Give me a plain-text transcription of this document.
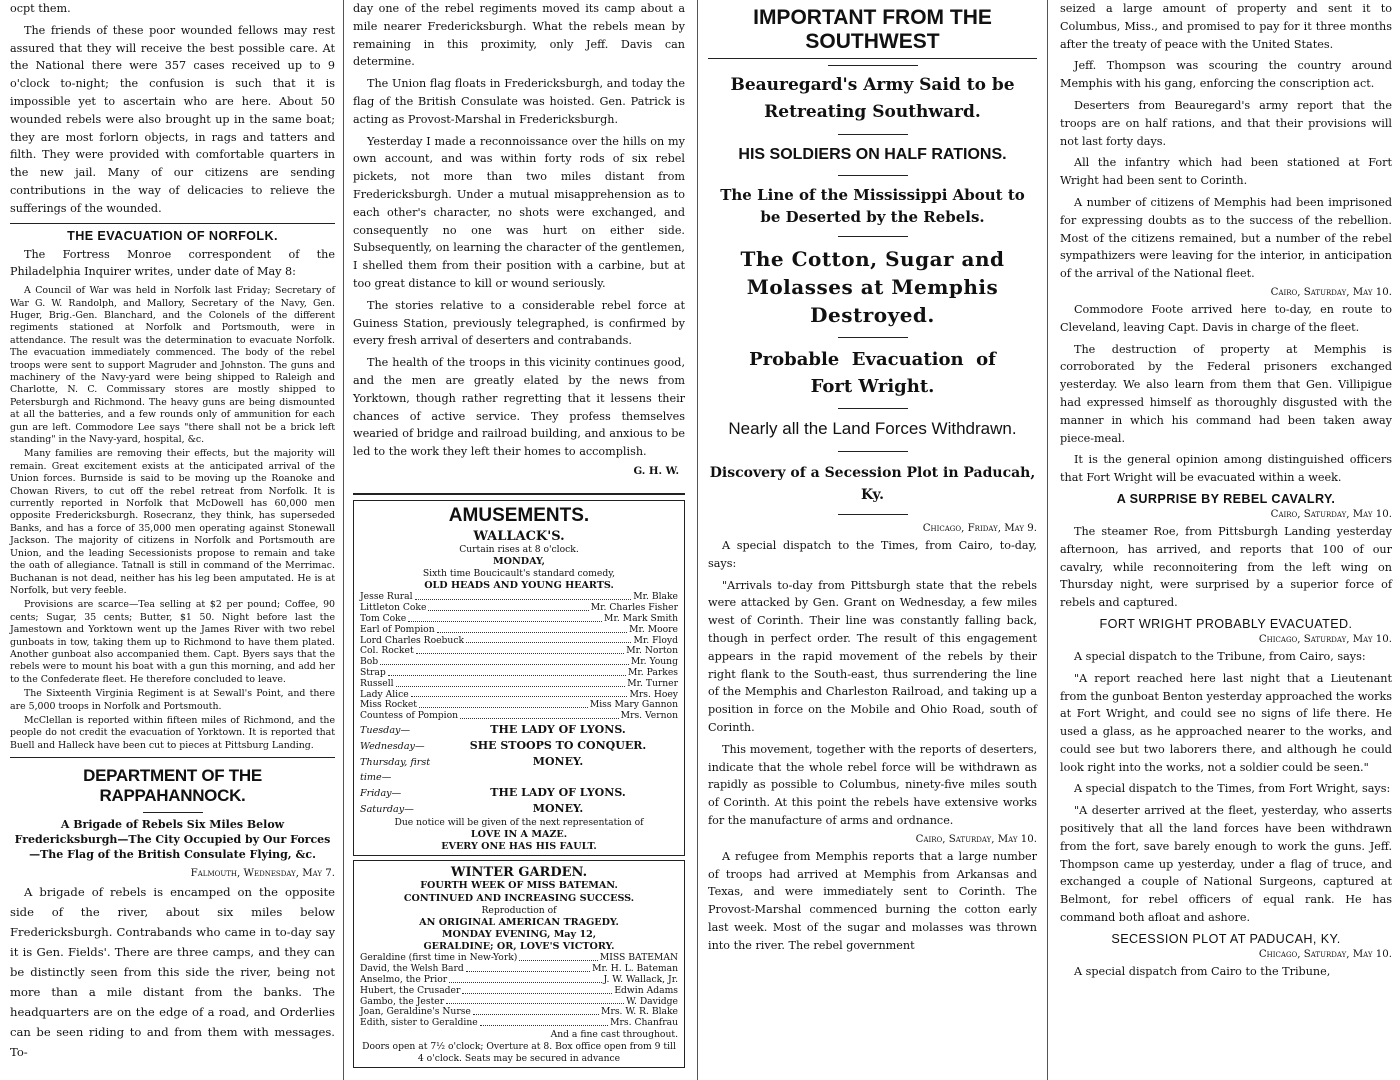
ocpt them.

The friends of these poor wounded fellows may rest assured that they will receive the best possible care. At the National there were 357 cases received up to 9 o'clock to-night; the confusion is such that it is impossible yet to ascertain who are here. About 50 wounded rebels were also brought up in the same boat; they are most forlorn objects, in rags and tatters and filth. They were provided with comfortable quarters in the new jail. Many of our citizens are sending contributions in the way of delicacies to relieve the sufferings of the wounded.

THE EVACUATION OF NORFOLK.

The Fortress Monroe correspondent of the Philadelphia Inquirer writes, under date of May 8:

A Council of War was held in Norfolk last Friday; Secretary of War G. W. Randolph, and Mallory, Secretary of the Navy, Gen. Huger, Brig.-Gen. Blanchard, and the Colonels of the different regiments stationed at Norfolk and Portsmouth, were in attendance. The result was the determination to evacuate Norfolk. The evacuation immediately commenced. The body of the rebel troops were sent to support Magruder and Johnston. The guns and machinery of the Navy-yard were being shipped to Raleigh and Charlotte, N. C. Commissary stores are mostly shipped to Petersburgh and Richmond. The heavy guns are being dismounted at all the batteries, and a few rounds only of ammunition for each gun are left. Commodore Lee says "there shall not be a brick left standing" in the Navy-yard, hospital, &c.

Many families are removing their effects, but the majority will remain. Great excitement exists at the anticipated arrival of the Union forces. Burnside is said to be moving up the Roanoke and Chowan Rivers, to cut off the rebel retreat from Norfolk. It is currently reported in Norfolk that McDowell has 60,000 men opposite Fredericksburgh. Rosecranz, they think, has superseded Banks, and has a force of 35,000 men operating against Stonewall Jackson. The majority of citizens in Norfolk and Portsmouth are Union, and the leading Secessionists propose to remain and take the oath of allegiance. Tatnall is still in command of the Merrimac. Buchanan is not dead, neither has his leg been amputated. He is at Norfolk, but very feeble.

Provisions are scarce—Tea selling at $2 per pound; Coffee, 90 cents; Sugar, 35 cents; Butter, $1 50. Night before last the Jamestown and Yorktown went up the James River with two rebel gunboats in tow, taking them up to Richmond to have them plated. Another gunboat also accompanied them. Capt. Byers says that the rebels were to mount his boat with a gun this morning, and add her to the Confederate fleet. He therefore concluded to leave.

The Sixteenth Virginia Regiment is at Sewall's Point, and there are 5,000 troops in Norfolk and Portsmouth.

McClellan is reported within fifteen miles of Richmond, and the people do not credit the evacuation of Yorktown. It is reported that Buell and Halleck have been cut to pieces at Pittsburg Landing.

DEPARTMENT OF THE RAPPAHANNOCK.
A Brigade of Rebels Six Miles Below Fredericksburgh—The City Occupied by Our Forces—The Flag of the British Consulate Flying, &c.
Falmouth, Wednesday, May 7.

A brigade of rebels is encamped on the opposite side of the river, about six miles below Fredericksburgh. Contrabands who came in to-day say it is Gen. Fields'. There are three camps, and they can be distinctly seen from this side the river, being not more than a mile distant from the banks. The headquarters are on the edge of a road, and Orderlies can be seen riding to and from them with messages. To-

day one of the rebel regiments moved its camp about a mile nearer Fredericksburgh. What the rebels mean by remaining in this proximity, only Jeff. Davis can determine.

The Union flag floats in Fredericksburgh, and today the flag of the British Consulate was hoisted. Gen. Patrick is acting as Provost-Marshal in Fredericksburgh.

Yesterday I made a reconnoissance over the hills on my own account, and was within forty rods of six rebel pickets, not more than two miles distant from Fredericksburgh. Under a mutual misapprehension as to each other's character, no shots were exchanged, and consequently no one was hurt on either side. Subsequently, on learning the character of the gentlemen, I shelled them from their position with a carbine, but at too great distance to kill or wound seriously.

The stories relative to a considerable rebel force at Guiness Station, previously telegraphed, is confirmed by every fresh arrival of deserters and contrabands.

The health of the troops in this vicinity continues good, and the men are greatly elated by the news from Yorktown, though rather regretting that it lessens their chances of active service. They profess themselves wearied of bridge and railroad building, and anxious to be led to the work they left their homes to accomplish.

G. H. W.
AMUSEMENTS.
WALLACK'S.
Curtain rises at 8 o'clock.
MONDAY,
Sixth time Boucicault's standard comedy,
OLD HEADS AND YOUNG HEARTS.
Jesse Rural	Mr. Blake
Littleton Coke	Mr. Charles Fisher
Tom Coke	Mr. Mark Smith
Earl of Pompion	Mr. Moore
Lord Charles Roebuck	Mr. Floyd
Col. Rocket	Mr. Norton
Bob	Mr. Young
Strap	Mr. Parkes
Russell	Mr. Turner
Lady Alice	Mrs. Hoey
Miss Rocket	Miss Mary Gannon
Countess of Pompion	Mrs. Vernon
Tuesday—	THE LADY OF LYONS.
Wednesday—	SHE STOOPS TO CONQUER.
Thursday, first time—
MONEY.
Friday—	THE LADY OF LYONS.
Saturday—	MONEY.
Due notice will be given of the next representation of
LOVE IN A MAZE.
EVERY ONE HAS HIS FAULT.
WINTER GARDEN.
FOURTH WEEK OF MISS BATEMAN.
CONTINUED AND INCREASING SUCCESS.
Reproduction of
AN ORIGINAL AMERICAN TRAGEDY.
MONDAY EVENING, May 12,
GERALDINE; OR, LOVE'S VICTORY.
Geraldine (first time in New-York)	MISS BATEMAN
David, the Welsh Bard	Mr. H. L. Bateman
Anselmo, the Prior	J. W. Wallack, Jr.
Hubert, the Crusader	Edwin Adams
Gambo, the Jester	W. Davidge
Joan, Geraldine's Nurse	Mrs. W. R. Blake
Edith, sister to Geraldine	Mrs. Chanfrau
And a fine cast throughout.
Doors open at 7½ o'clock; Overture at 8. Box office open from 9 till 4 o'clock. Seats may be secured in advance
IMPORTANT FROM THE SOUTHWEST
Beauregard's Army Said to be Retreating Southward.
HIS SOLDIERS ON HALF RATIONS.
The Line of the Mississippi About to be Deserted by the Rebels.
The Cotton, Sugar and Molasses at Memphis Destroyed.
Probable  Evacuation  of
Fort Wright.
Nearly all the Land Forces Withdrawn.
Discovery of a Secession Plot in Paducah, Ky.
Chicago, Friday, May 9.

A special dispatch to the Times, from Cairo, to-day, says:

"Arrivals to-day from Pittsburgh state that the rebels were attacked by Gen. Grant on Wednesday, a few miles west of Corinth. Their line was constantly falling back, though in perfect order. The result of this engagement appears in the rapid movement of the rebels by their right flank to the South-east, thus surrendering the line of the Memphis and Charleston Railroad, and taking up a position in force on the Mobile and Ohio Road, south of Corinth.

This movement, together with the reports of deserters, indicate that the whole rebel force will be withdrawn as rapidly as possible to Columbus, ninety-five miles south of Corinth. At this point the rebels have extensive works for the manufacture of arms and ordnance.

Cairo, Saturday, May 10.

A refugee from Memphis reports that a large number of troops had arrived at Memphis from Arkansas and Texas, and were immediately sent to Corinth. The Provost-Marshal commenced burning the cotton early last week. Most of the sugar and molasses was thrown into the river. The rebel government

seized a large amount of property and sent it to Columbus, Miss., and promised to pay for it three months after the treaty of peace with the United States.

Jeff. Thompson was scouring the country around Memphis with his gang, enforcing the conscription act.

Deserters from Beauregard's army report that the troops are on half rations, and that their provisions will not last forty days.

All the infantry which had been stationed at Fort Wright had been sent to Corinth.

A number of citizens of Memphis had been imprisoned for expressing doubts as to the success of the rebellion. Most of the citizens remained, but a number of the rebel sympathizers were leaving for the interior, in anticipation of the arrival of the National fleet.

Cairo, Saturday, May 10.

Commodore Foote arrived here to-day, en route to Cleveland, leaving Capt. Davis in charge of the fleet.

The destruction of property at Memphis is corroborated by the Federal prisoners exchanged yesterday. We also learn from them that Gen. Villipigue had expressed himself as thoroughly disgusted with the manner in which his command had been taken away piece-meal.

It is the general opinion among distinguished officers that Fort Wright will be evacuated within a week.

A SURPRISE BY REBEL CAVALRY.
Cairo, Saturday, May 10.

The steamer Roe, from Pittsburgh Landing yesterday afternoon, has arrived, and reports that 100 of our cavalry, while reconnoitering from the left wing on Thursday night, were surprised by a superior force of rebels and captured.

FORT WRIGHT PROBABLY EVACUATED.
Chicago, Saturday, May 10.

A special dispatch to the Tribune, from Cairo, says:

"A report reached here last night that a Lieutenant from the gunboat Benton yesterday approached the works at Fort Wright, and could see no signs of life there. He used a glass, as he approached nearer to the works, and could see but two laborers there, and although he could look right into the works, not a soldier could be seen."

A special dispatch to the Times, from Fort Wright, says:

"A deserter arrived at the fleet, yesterday, who asserts positively that all the land forces have been withdrawn from the fort, save barely enough to work the guns. Jeff. Thompson came up yesterday, under a flag of truce, and exchanged a couple of National Surgeons, captured at Belmont, for rebel officers of equal rank. He has command both afloat and ashore.

SECESSION PLOT AT PADUCAH, KY.
Chicago, Saturday, May 10.

A special dispatch from Cairo to the Tribune,
